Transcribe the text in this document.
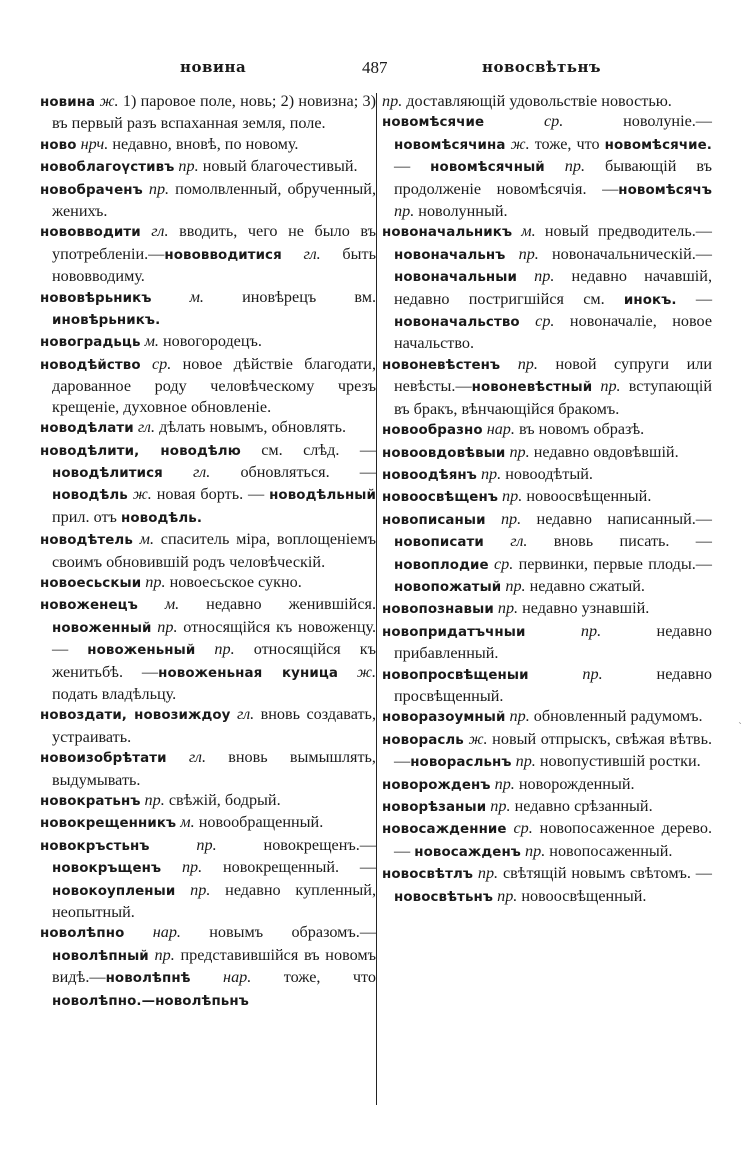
новина	487	новосвѣтьнъ
новина ж. 1) паровое поле, новь; 2) новизна; 3) въ первый разъ вспаханная земля, поле.
ново нрч. недавно, вновѣ, по новому.
новоблагоүстивъ пр. новый благочестивый.
новобраченъ пр. помолвленный, обрученный, женихъ.
нововводити гл. вводить, чего не было въ употребленіи.—нововводитися гл. быть нововводиму.
нововѣрьникъ м. иновѣрецъ вм. иновѣрьникъ.
новоградьць м. новогородецъ.
новодѣйство ср. новое дѣйствіе благодати, дарованное роду человѣческому чрезъ крещеніе, духовное обновленіе.
новодѣлати гл. дѣлать новымъ, обновлять.
новодѣлити, новодѣлю см. слѣд. — новодѣлитися гл. обновляться. — новодѣль ж. новая борть. — новодѣльный прил. отъ новодѣль.
новодѣтель м. спаситель міра, воплощеніемъ своимъ обновившій родъ человѣческій.
новоесьскыи пр. новоесьское сукно.
новоженецъ м. недавно женившійся. новоженный пр. относящійся къ новоженцу. — новоженьный пр. относящійся къ женитьбѣ. —новоженьная куница ж. подать владѣльцу.
новоздати, новозиждоу гл. вновь создавать, устраивать.
новоизобрѣтати гл. вновь вымышлять, выдумывать.
новократьнъ пр. свѣжій, бодрый.
новокрещенникъ м. новообращенный.
новокръстьнъ пр. новокрещенъ.—новокръщенъ пр. новокрещенный. — новокоупленыи пр. недавно купленный, неопытный.
новолѣпно нар. новымъ образомъ.— новолѣпный пр. представившійся въ новомъ видѣ.—новолѣпнѣ нар. тоже, что новолѣпно.—новолѣпьнъ
пр. доставляющій удовольствіе новостью.
новомѣсячие ср. новолуніе.—новомѣсячина ж. тоже, что новомѣсячие. — новомѣсячный пр. бывающій въ продолженіе новомѣсячія. —новомѣсячъ пр. новолунный.
новоначальникъ м. новый предводитель.—новоначальнъ пр. новоначальническій.—новоначальныи пр. недавно начавшій, недавно постригшійся см. инокъ. — новоначальство ср. новоначаліе, новое начальство.
новоневѣстенъ пр. новой супруги или невѣсты.—новоневѣстный пр. вступающій въ бракъ, вѣнчающійся бракомъ.
новообразно нар. въ новомъ образѣ.
новоовдовѣвыи пр. недавно овдовѣвшій.
новоодѣянъ пр. новоодѣтый.
новоосвѣщенъ пр. новоосвѣщенный.
новописаныи пр. недавно написанный.—новописати гл. вновь писать. —новоплодие ср. первинки, первые плоды.— новопожатый пр. недавно сжатый.
новопознавыи пр. недавно узнавшій.
новопридатъчныи пр. недавно прибавленный.
новопросвѣщеныи пр. недавно просвѣщенный.
новоразоумный пр. обновленный радумомъ.
новорасль ж. новый отпрыскъ, свѣжая вѣтвь.—новорасльнъ пр. новопустившій ростки.
новорожденъ пр. новорожденный.
новорѣзаныи пр. недавно срѣзанный.
новосажденние ср. новопосаженное дерево. — новосажденъ пр. новопосаженный.
новосвѣтлъ пр. свѣтящій новымъ свѣтомъ. — новосвѣтьнъ пр. новоосвѣщенный.
`
